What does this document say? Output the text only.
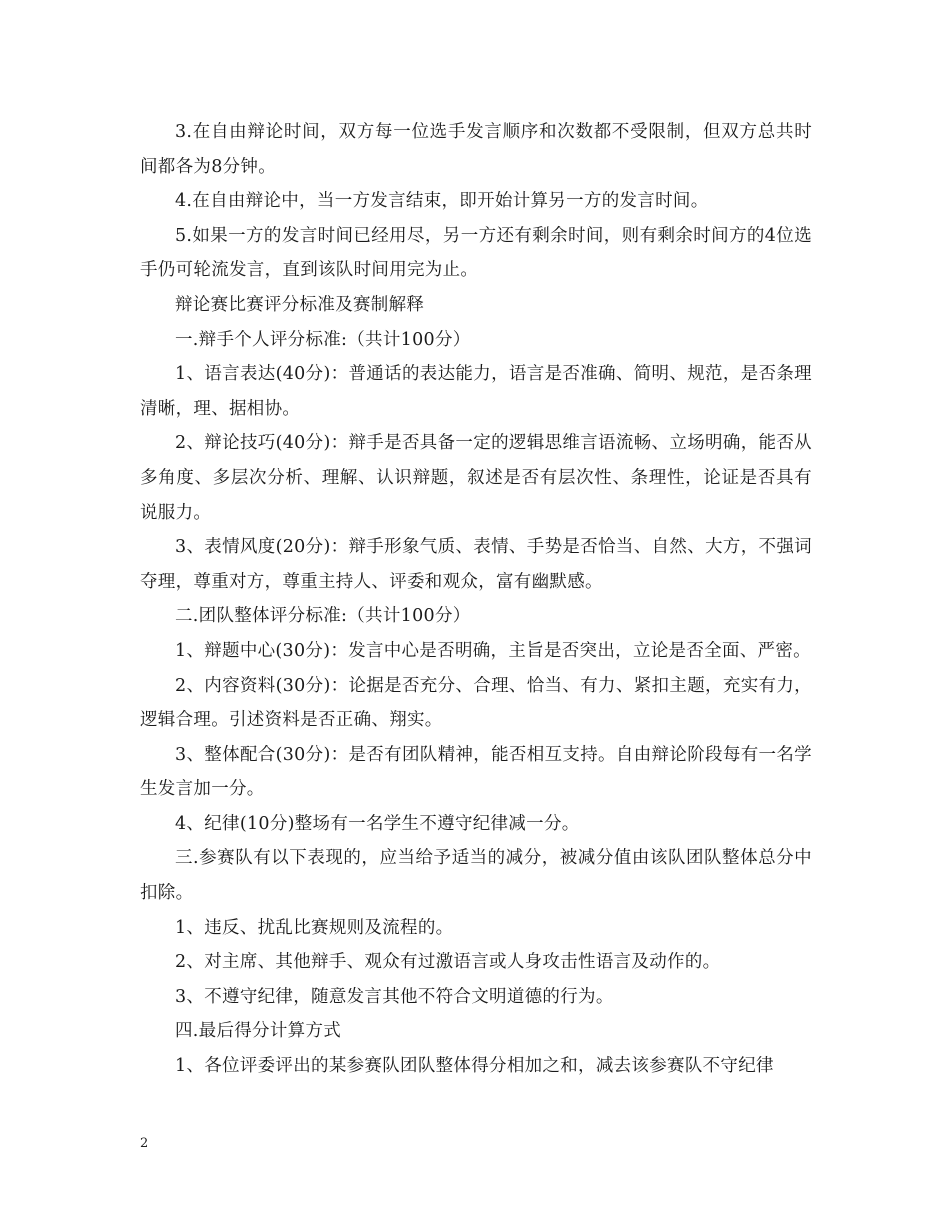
3.在自由辩论时间，双方每一位选手发言顺序和次数都不受限制，但双方总共时间都各为8分钟。

4.在自由辩论中，当一方发言结束，即开始计算另一方的发言时间。

5.如果一方的发言时间已经用尽，另一方还有剩余时间，则有剩余时间方的4位选手仍可轮流发言，直到该队时间用完为止。

辩论赛比赛评分标准及赛制解释

一.辩手个人评分标准:（共计100分）

1、语言表达(40分)：普通话的表达能力，语言是否准确、简明、规范，是否条理清晰，理、据相协。

2、辩论技巧(40分)：辩手是否具备一定的逻辑思维言语流畅、立场明确，能否从多角度、多层次分析、理解、认识辩题，叙述是否有层次性、条理性，论证是否具有说服力。

3、表情风度(20分)：辩手形象气质、表情、手势是否恰当、自然、大方，不强词夺理，尊重对方，尊重主持人、评委和观众，富有幽默感。

二.团队整体评分标准:（共计100分）

1、辩题中心(30分)：发言中心是否明确，主旨是否突出，立论是否全面、严密。

2、内容资料(30分)：论据是否充分、合理、恰当、有力、紧扣主题，充实有力，逻辑合理。引述资料是否正确、翔实。

3、整体配合(30分)：是否有团队精神，能否相互支持。自由辩论阶段每有一名学生发言加一分。

4、纪律(10分)整场有一名学生不遵守纪律减一分。

三.参赛队有以下表现的，应当给予适当的减分，被减分值由该队团队整体总分中扣除。

1、违反、扰乱比赛规则及流程的。

2、对主席、其他辩手、观众有过激语言或人身攻击性语言及动作的。

3、不遵守纪律，随意发言其他不符合文明道德的行为。

四.最后得分计算方式

1、各位评委评出的某参赛队团队整体得分相加之和，减去该参赛队不守纪律

2
